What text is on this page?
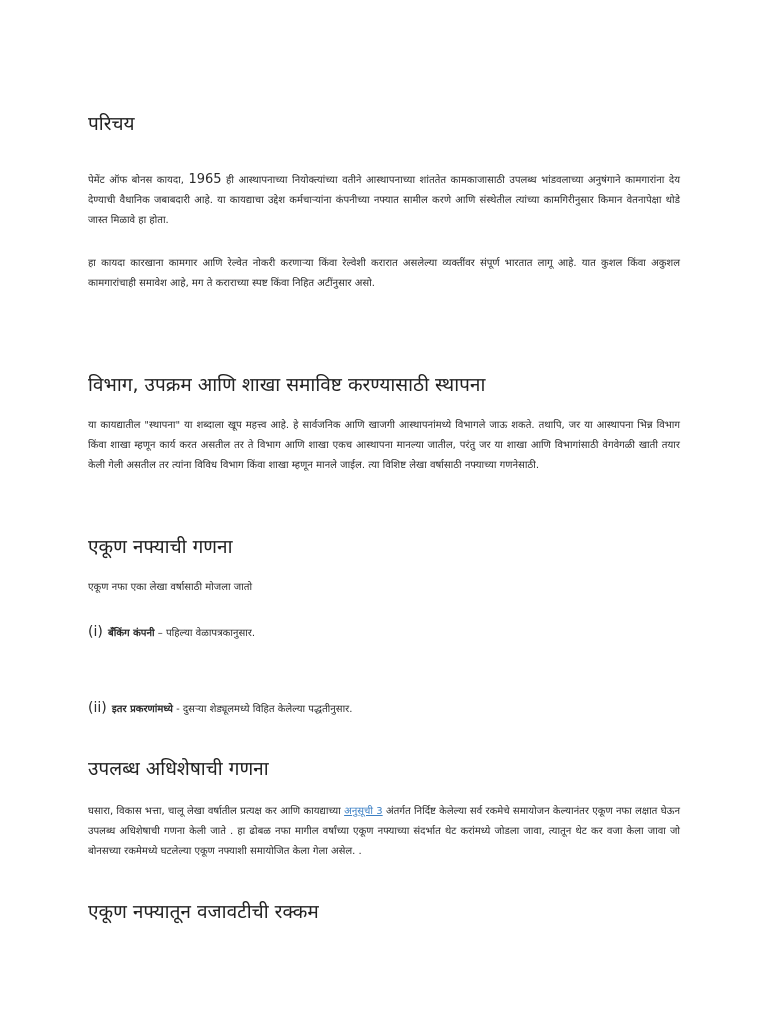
परिचय

पेमेंट ऑफ बोनस कायदा, 1965 ही आस्थापनाच्या नियोक्त्यांच्या वतीने आस्थापनाच्या शांततेत कामकाजासाठी उपलब्ध भांडवलाच्या अनुषंगाने कामगारांना देय देण्याची वैधानिक जबाबदारी आहे. या कायद्याचा उद्देश कर्मचाऱ्यांना कंपनीच्या नफ्यात सामील करणे आणि संस्थेतील त्यांच्या कामगिरीनुसार किमान वेतनापेक्षा थोडे जास्त मिळावे हा होता.

हा कायदा कारखाना कामगार आणि रेल्वेत नोकरी करणाऱ्या किंवा रेल्वेशी करारात असलेल्या व्यक्तींवर संपूर्ण भारतात लागू आहे. यात कुशल किंवा अकुशल कामगारांचाही समावेश आहे, मग ते कराराच्या स्पष्ट किंवा निहित अटींनुसार असो.

विभाग, उपक्रम आणि शाखा समाविष्ट करण्यासाठी स्थापना

या कायद्यातील "स्थापना" या शब्दाला खूप महत्त्व आहे. हे सार्वजनिक आणि खाजगी आस्थापनांमध्ये विभागले जाऊ शकते. तथापि, जर या आस्थापना भिन्न विभाग किंवा शाखा म्हणून कार्य करत असतील तर ते विभाग आणि शाखा एकच आस्थापना मानल्या जातील, परंतु जर या शाखा आणि विभागांसाठी वेगवेगळी खाती तयार केली गेली असतील तर त्यांना विविध विभाग किंवा शाखा म्हणून मानले जाईल. त्या विशिष्ट लेखा वर्षासाठी नफ्याच्या गणनेसाठी.

एकूण नफ्याची गणना

एकूण नफा एका लेखा वर्षासाठी मोजला जातो

(i) बँकिंग कंपनी – पहिल्या वेळापत्रकानुसार.
(ii) इतर प्रकरणांमध्ये - दुसऱ्या शेड्यूलमध्ये विहित केलेल्या पद्धतीनुसार.
उपलब्ध अधिशेषाची गणना

घसारा, विकास भत्ता, चालू लेखा वर्षातील प्रत्यक्ष कर आणि कायद्याच्या अनुसूची 3 अंतर्गत निर्दिष्ट केलेल्या सर्व रकमेचे समायोजन केल्यानंतर एकूण नफा लक्षात घेऊन उपलब्ध अधिशेषाची गणना केली जाते . हा ढोबळ नफा मागील वर्षांच्या एकूण नफ्याच्या संदर्भात थेट करांमध्ये जोडला जावा, त्यातून थेट कर वजा केला जावा जो बोनसच्या रकमेमध्ये घटलेल्या एकूण नफ्याशी समायोजित केला गेला असेल. .

एकूण नफ्यातून वजावटीची रक्कम
